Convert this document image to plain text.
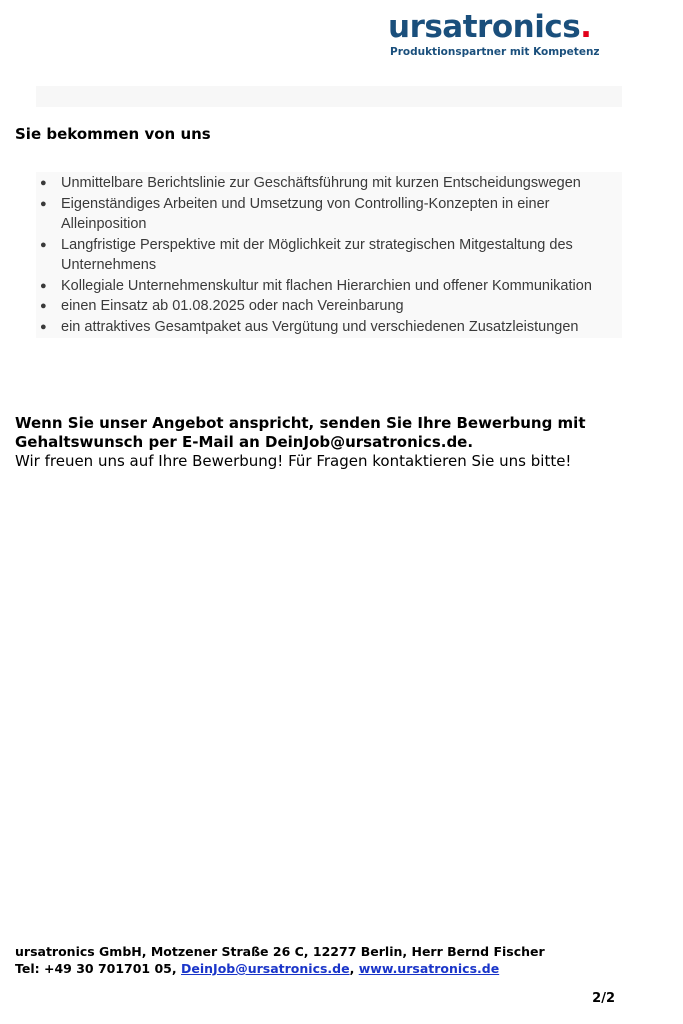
ursatronics.
Produktionspartner mit Kompetenz
Sie bekommen von uns
● Unmittelbare Berichtslinie zur Geschäftsführung mit kurzen Entscheidungswegen
● Eigenständiges Arbeiten und Umsetzung von Controlling-Konzepten in einer Alleinposition
● Langfristige Perspektive mit der Möglichkeit zur strategischen Mitgestaltung des Unternehmens
● Kollegiale Unternehmenskultur mit flachen Hierarchien und offener Kommunikation
● einen Einsatz ab 01.08.2025 oder nach Vereinbarung
● ein attraktives Gesamtpaket aus Vergütung und verschiedenen Zusatzleistungen

Wenn Sie unser Angebot anspricht, senden Sie Ihre Bewerbung mit Gehaltswunsch per E-Mail an DeinJob@ursatronics.de.

Wir freuen uns auf Ihre Bewerbung! Für Fragen kontaktieren Sie uns bitte!

ursatronics GmbH, Motzener Straße 26 C, 12277 Berlin, Herr Bernd Fischer
Tel: +49 30 701701 05, DeinJob@ursatronics.de, www.ursatronics.de
2/2
